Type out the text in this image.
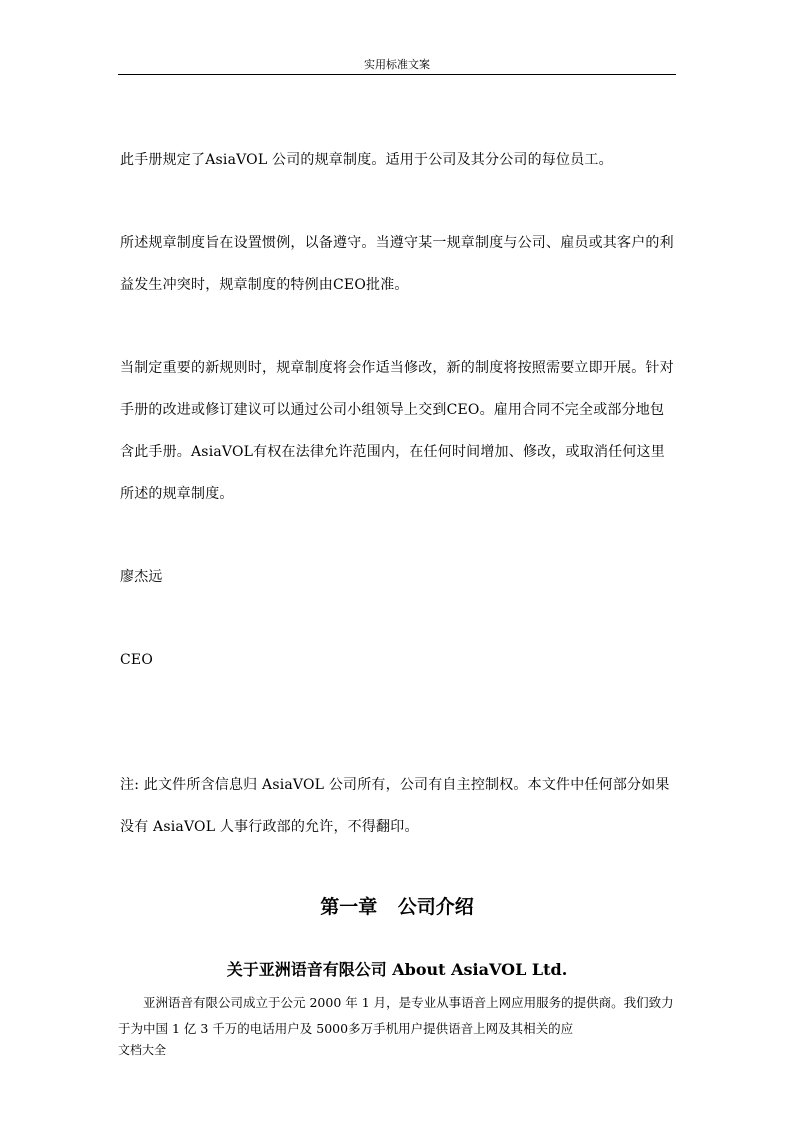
实用标准文案

此手册规定了AsiaVOL 公司的规章制度。适用于公司及其分公司的每位员工。

所述规章制度旨在设置惯例，以备遵守。当遵守某一规章制度与公司、雇员或其客户的利益发生冲突时，规章制度的特例由CEO批准。

当制定重要的新规则时，规章制度将会作适当修改，新的制度将按照需要立即开展。针对手册的改进或修订建议可以通过公司小组领导上交到CEO。雇用合同不完全或部分地包含此手册。AsiaVOL有权在法律允许范围内，在任何时间增加、修改，或取消任何这里所述的规章制度。

廖杰远

CEO

注: 此文件所含信息归 AsiaVOL 公司所有，公司有自主控制权。本文件中任何部分如果没有 AsiaVOL 人事行政部的允许，不得翻印。

第一章 公司介绍
关于亚洲语音有限公司 About AsiaVOL Ltd.

亚洲语音有限公司成立于公元 2000 年 1 月，是专业从事语音上网应用服务的提供商。我们致力于为中国 1 亿 3 千万的电话用户及 5000多万手机用户提供语音上网及其相关的应

文档大全
